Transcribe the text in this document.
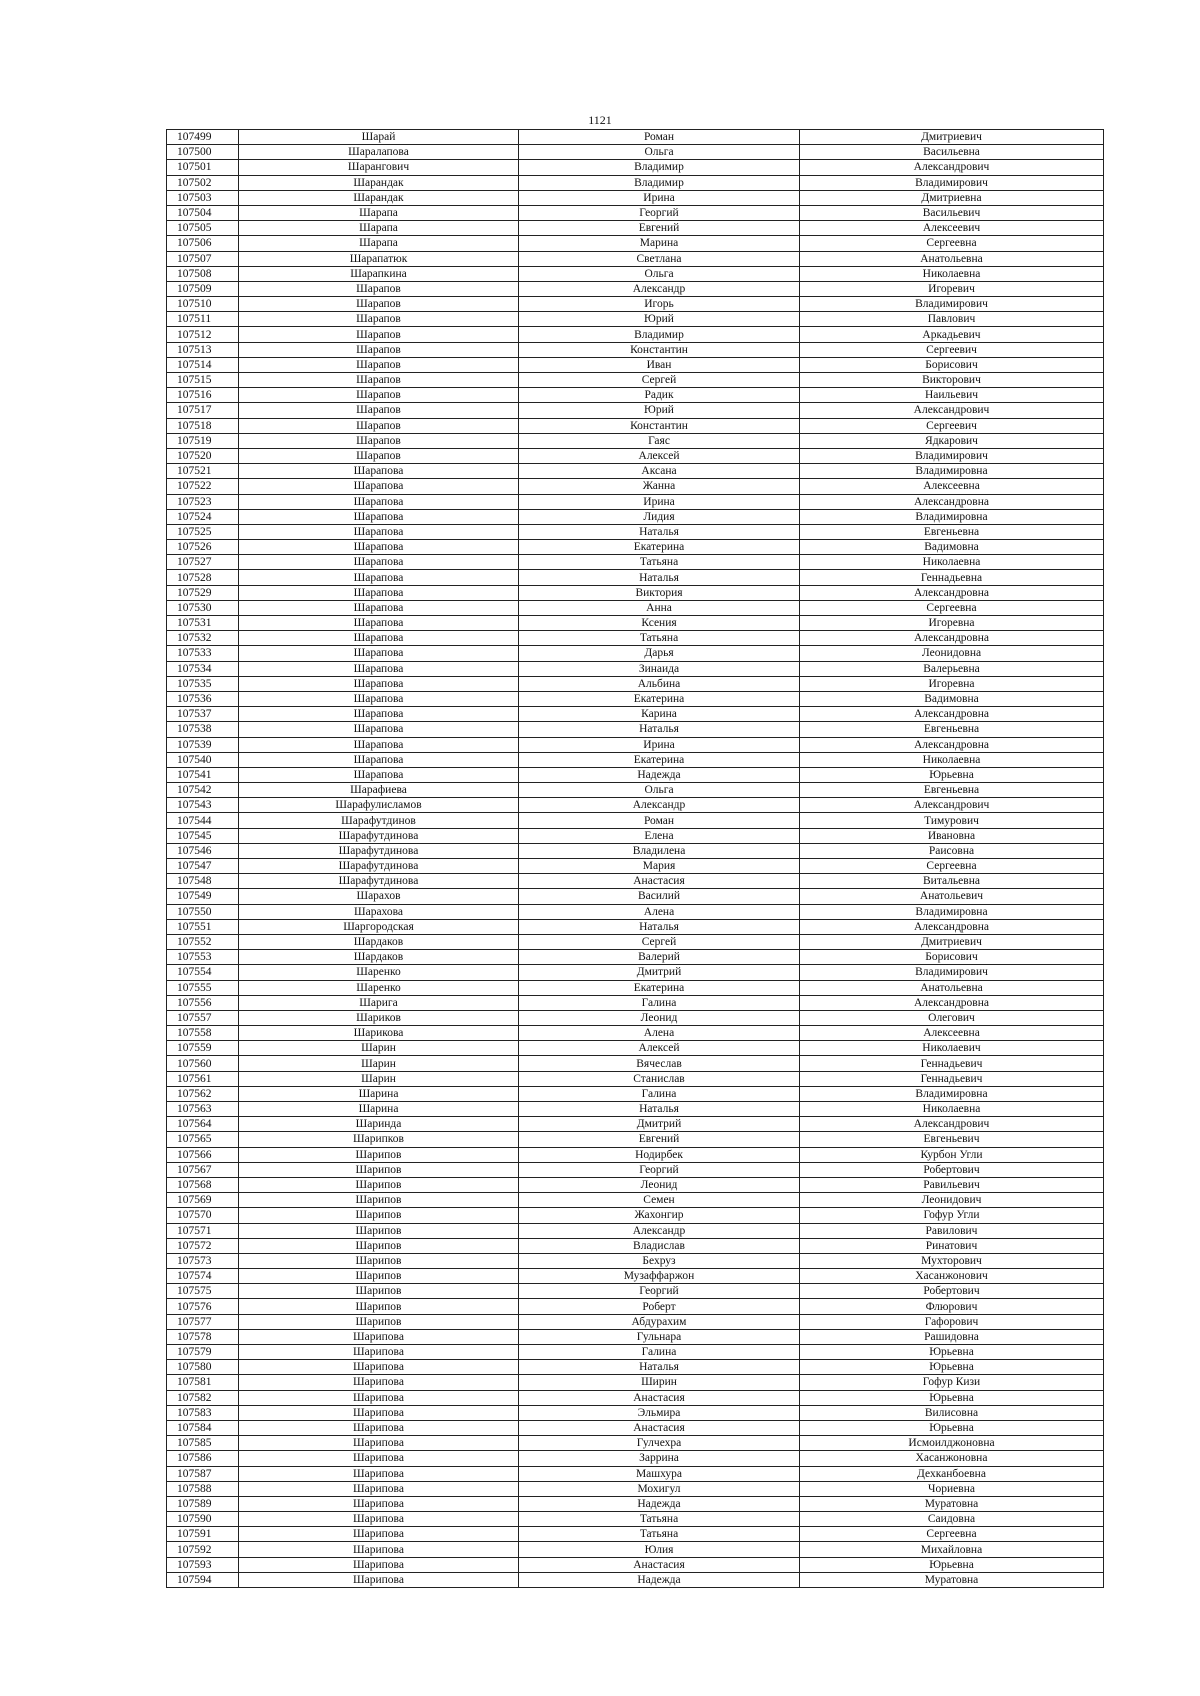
1121
107499	Шарай	Роман	Дмитриевич
107500	Шаралапова	Ольга	Васильевна
107501	Шарангович	Владимир	Александрович
107502	Шарандак	Владимир	Владимирович
107503	Шарандак	Ирина	Дмитриевна
107504	Шарапа	Георгий	Васильевич
107505	Шарапа	Евгений	Алексеевич
107506	Шарапа	Марина	Сергеевна
107507	Шарапатюк	Светлана	Анатольевна
107508	Шарапкина	Ольга	Николаевна
107509	Шарапов	Александр	Игоревич
107510	Шарапов	Игорь	Владимирович
107511	Шарапов	Юрий	Павлович
107512	Шарапов	Владимир	Аркадьевич
107513	Шарапов	Константин	Сергеевич
107514	Шарапов	Иван	Борисович
107515	Шарапов	Сергей	Викторович
107516	Шарапов	Радик	Наильевич
107517	Шарапов	Юрий	Александрович
107518	Шарапов	Константин	Сергеевич
107519	Шарапов	Гаяс	Ядкарович
107520	Шарапов	Алексей	Владимирович
107521	Шарапова	Аксана	Владимировна
107522	Шарапова	Жанна	Алексеевна
107523	Шарапова	Ирина	Александровна
107524	Шарапова	Лидия	Владимировна
107525	Шарапова	Наталья	Евгеньевна
107526	Шарапова	Екатерина	Вадимовна
107527	Шарапова	Татьяна	Николаевна
107528	Шарапова	Наталья	Геннадьевна
107529	Шарапова	Виктория	Александровна
107530	Шарапова	Анна	Сергеевна
107531	Шарапова	Ксения	Игоревна
107532	Шарапова	Татьяна	Александровна
107533	Шарапова	Дарья	Леонидовна
107534	Шарапова	Зинаида	Валерьевна
107535	Шарапова	Альбина	Игоревна
107536	Шарапова	Екатерина	Вадимовна
107537	Шарапова	Карина	Александровна
107538	Шарапова	Наталья	Евгеньевна
107539	Шарапова	Ирина	Александровна
107540	Шарапова	Екатерина	Николаевна
107541	Шарапова	Надежда	Юрьевна
107542	Шарафиева	Ольга	Евгеньевна
107543	Шарафулисламов	Александр	Александрович
107544	Шарафутдинов	Роман	Тимурович
107545	Шарафутдинова	Елена	Ивановна
107546	Шарафутдинова	Владилена	Раисовна
107547	Шарафутдинова	Мария	Сергеевна
107548	Шарафутдинова	Анастасия	Витальевна
107549	Шарахов	Василий	Анатольевич
107550	Шарахова	Алена	Владимировна
107551	Шаргородская	Наталья	Александровна
107552	Шардаков	Сергей	Дмитриевич
107553	Шардаков	Валерий	Борисович
107554	Шаренко	Дмитрий	Владимирович
107555	Шаренко	Екатерина	Анатольевна
107556	Шарига	Галина	Александровна
107557	Шариков	Леонид	Олегович
107558	Шарикова	Алена	Алексеевна
107559	Шарин	Алексей	Николаевич
107560	Шарин	Вячеслав	Геннадьевич
107561	Шарин	Станислав	Геннадьевич
107562	Шарина	Галина	Владимировна
107563	Шарина	Наталья	Николаевна
107564	Шаринда	Дмитрий	Александрович
107565	Шарипков	Евгений	Евгеньевич
107566	Шарипов	Нодирбек	Курбон Угли
107567	Шарипов	Георгий	Робертович
107568	Шарипов	Леонид	Равильевич
107569	Шарипов	Семен	Леонидович
107570	Шарипов	Жахонгир	Гофур Угли
107571	Шарипов	Александр	Равилович
107572	Шарипов	Владислав	Ринатович
107573	Шарипов	Бехруз	Мухторович
107574	Шарипов	Музаффаржон	Хасанжонович
107575	Шарипов	Георгий	Робертович
107576	Шарипов	Роберт	Флюрович
107577	Шарипов	Абдурахим	Гафорович
107578	Шарипова	Гульнара	Рашидовна
107579	Шарипова	Галина	Юрьевна
107580	Шарипова	Наталья	Юрьевна
107581	Шарипова	Ширин	Гофур Кизи
107582	Шарипова	Анастасия	Юрьевна
107583	Шарипова	Эльмира	Вилисовна
107584	Шарипова	Анастасия	Юрьевна
107585	Шарипова	Гулчехра	Исмоилджоновна
107586	Шарипова	Заррина	Хасанжоновна
107587	Шарипова	Машхура	Дехканбоевна
107588	Шарипова	Мохигул	Чориевна
107589	Шарипова	Надежда	Муратовна
107590	Шарипова	Татьяна	Саидовна
107591	Шарипова	Татьяна	Сергеевна
107592	Шарипова	Юлия	Михайловна
107593	Шарипова	Анастасия	Юрьевна
107594	Шарипова	Надежда	Муратовна
